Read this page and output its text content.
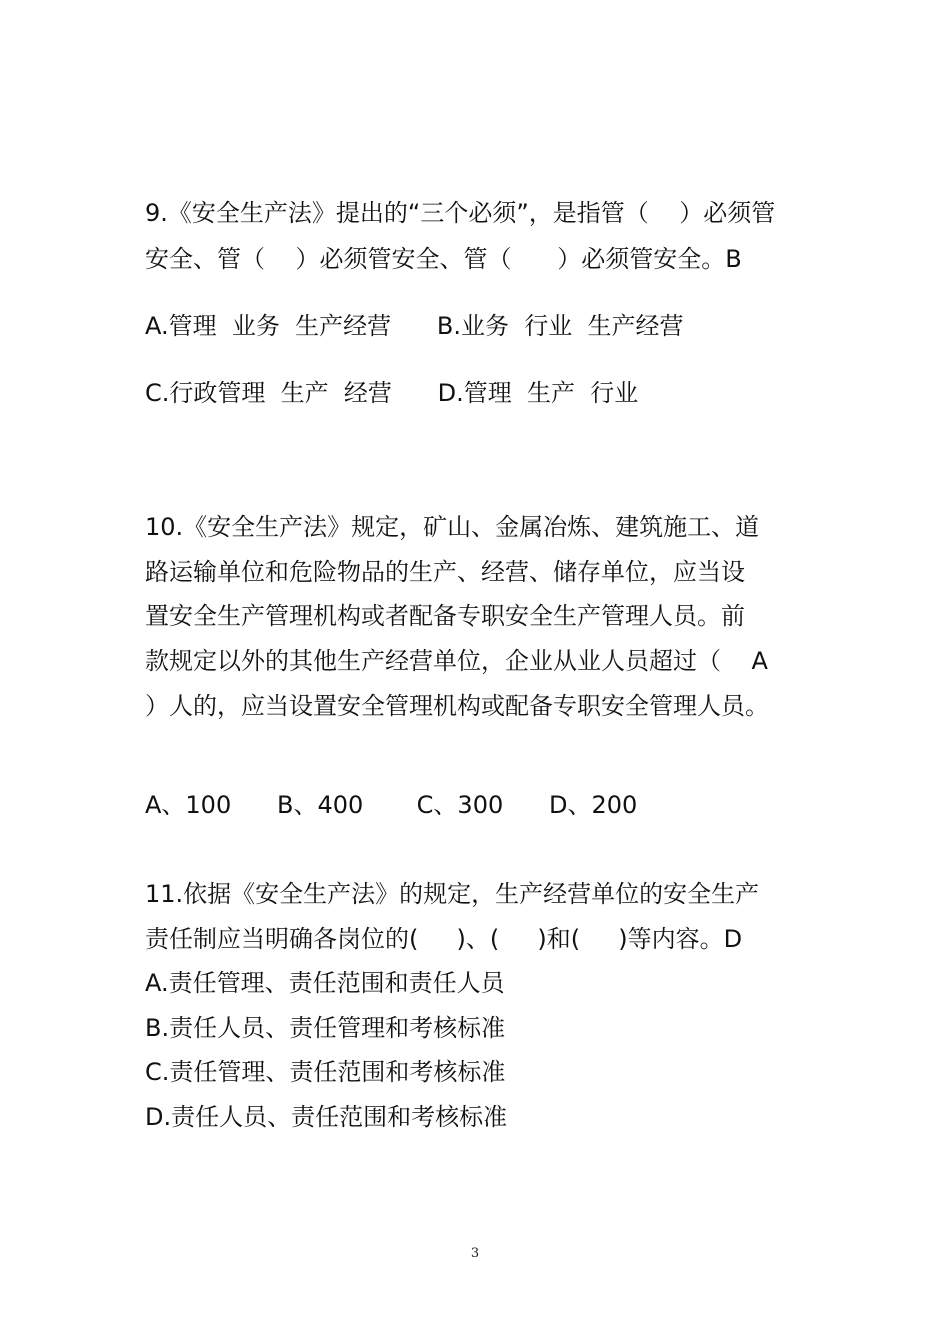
9.《安全生产法》提出的“三个必须”，是指管（    ）必须管
安全、管（    ）必须管安全、管（      ）必须管安全。B
A.管理  业务  生产经营      B.业务  行业  生产经营
C.行政管理  生产  经营      D.管理  生产  行业
10.《安全生产法》规定，矿山、金属冶炼、建筑施工、道
路运输单位和危险物品的生产、经营、储存单位，应当设
置安全生产管理机构或者配备专职安全生产管理人员。前
款规定以外的其他生产经营单位，企业从业人员超过（    A
）人的，应当设置安全管理机构或配备专职安全管理人员。
A、100      B、400       C、300      D、200
11.依据《安全生产法》的规定，生产经营单位的安全生产
责任制应当明确各岗位的(     )、(     )和(     )等内容。D
A.责任管理、责任范围和责任人员
B.责任人员、责任管理和考核标准
C.责任管理、责任范围和考核标准
D.责任人员、责任范围和考核标准
3
